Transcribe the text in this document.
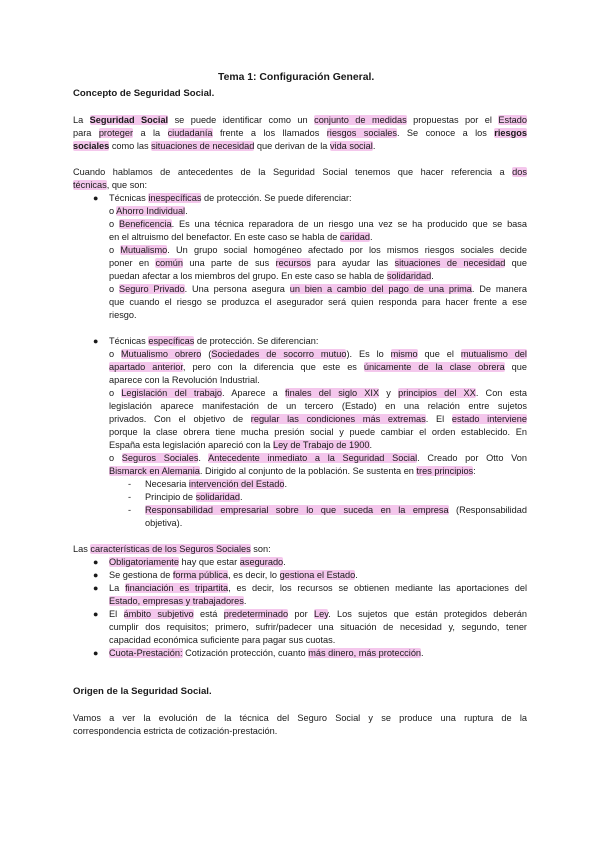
Tema 1: Configuración General.
Concepto de Seguridad Social.
La Seguridad Social se puede identificar como un conjunto de medidas propuestas por el Estado
para proteger a la ciudadanía frente a los llamados riesgos sociales. Se conoce a los riesgos
sociales como las situaciones de necesidad que derivan de la vida social.
Cuando hablamos de antecedentes de la Seguridad Social tenemos que hacer referencia a dos
técnicas, que son:
● Técnicas inespecíficas de protección. Se puede diferenciar:
o Ahorro Individual.
o Beneficencia. Es una técnica reparadora de un riesgo una vez se ha producido que se basa
en el altruismo del benefactor. En este caso se habla de caridad.
o Mutualismo. Un grupo social homogéneo afectado por los mismos riesgos sociales decide
poner en común una parte de sus recursos para ayudar las situaciones de necesidad que
puedan afectar a los miembros del grupo. En este caso se habla de solidaridad.
o Seguro Privado. Una persona asegura un bien a cambio del pago de una prima. De manera
que cuando el riesgo se produzca el asegurador será quien responda para hacer frente a ese
riesgo.
● Técnicas específicas de protección. Se diferencian:
o Mutualismo obrero (Sociedades de socorro mutuo). Es lo mismo que el mutualismo del
apartado anterior, pero con la diferencia que este es únicamente de la clase obrera que
aparece con la Revolución Industrial.
o Legislación del trabajo. Aparece a finales del siglo XIX y principios del XX. Con esta
legislación aparece manifestación de un tercero (Estado) en una relación entre sujetos
privados. Con el objetivo de regular las condiciones más extremas. El estado interviene
porque la clase obrera tiene mucha presión social y puede cambiar el orden establecido. En
España esta legislación apareció con la Ley de Trabajo de 1900.
o Seguros Sociales. Antecedente inmediato a la Seguridad Social. Creado por Otto Von
Bismarck en Alemania. Dirigido al conjunto de la población. Se sustenta en tres principios:
- Necesaria intervención del Estado.
- Principio de solidaridad.
- Responsabilidad empresarial sobre lo que suceda en la empresa (Responsabilidad
objetiva).
Las características de los Seguros Sociales son:
● Obligatoriamente hay que estar asegurado.
● Se gestiona de forma pública, es decir, lo gestiona el Estado.
● La financiación es tripartita, es decir, los recursos se obtienen mediante las aportaciones del
Estado, empresas y trabajadores.
● El ámbito subjetivo está predeterminado por Ley. Los sujetos que están protegidos deberán
cumplir dos requisitos; primero, sufrir/padecer una situación de necesidad y, segundo, tener
capacidad económica suficiente para pagar sus cuotas.
● Cuota-Prestación: Cotización protección, cuanto más dinero, más protección.
Origen de la Seguridad Social.
Vamos a ver la evolución de la técnica del Seguro Social y se produce una ruptura de la
correspondencia estricta de cotización-prestación.
